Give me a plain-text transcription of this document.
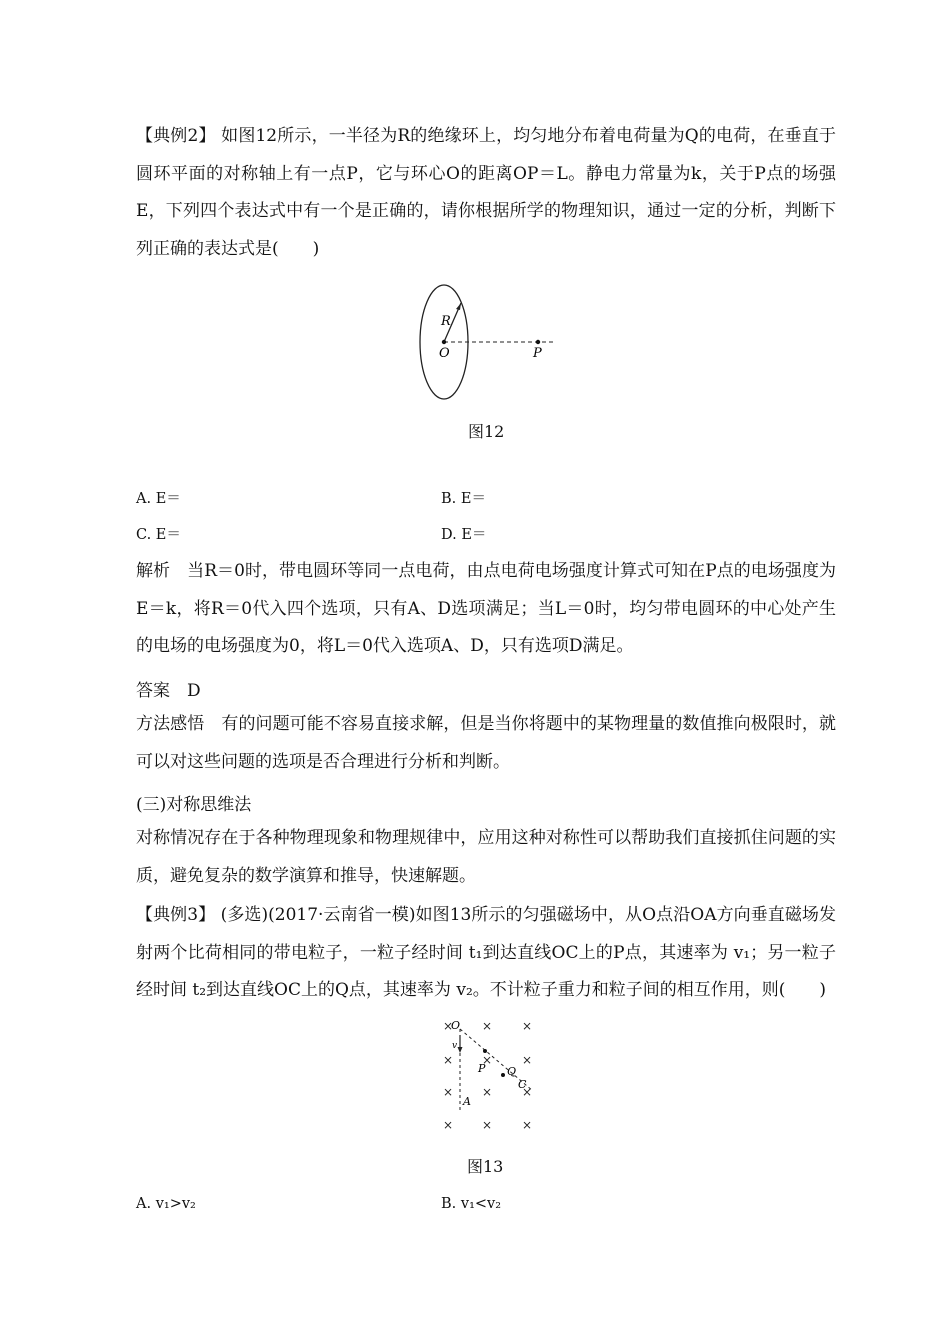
【典例2】 如图12所示，一半径为R的绝缘环上，均匀地分布着电荷量为Q的电荷，在垂直于圆环平面的对称轴上有一点P，它与环心O的距离OP＝L。静电力常量为k，关于P点的场强E，下列四个表达式中有一个是正确的，请你根据所学的物理知识，通过一定的分析，判断下列正确的表达式是(　　)
R
O	P
图12
A. E＝	B. E＝
C. E＝	D. E＝
解析　当R＝0时，带电圆环等同一点电荷，由点电荷电场强度计算式可知在P点的电场强度为E＝k，将R＝0代入四个选项，只有A、D选项满足；当L＝0时，均匀带电圆环的中心处产生的电场的电场强度为0，将L＝0代入选项A、D，只有选项D满足。
答案　D
方法感悟　有的问题可能不容易直接求解，但是当你将题中的某物理量的数值推向极限时，就可以对这些问题的选项是否合理进行分析和判断。
(三)对称思维法
对称情况存在于各种物理现象和物理规律中，应用这种对称性可以帮助我们直接抓住问题的实质，避免复杂的数学演算和推导，快速解题。
【典例3】 (多选)(2017·云南省一模)如图13所示的匀强磁场中，从O点沿OA方向垂直磁场发射两个比荷相同的带电粒子，一粒子经时间 t₁到达直线OC上的P点，其速率为 v₁；另一粒子经时间 t₂到达直线OC上的Q点，其速率为 v₂。不计粒子重力和粒子间的相互作用，则(　　)
× × ×
× × ×
× × ×
× × ×
O
v
P Q
C
A
图13
A. v₁>v₂	B. v₁<v₂
